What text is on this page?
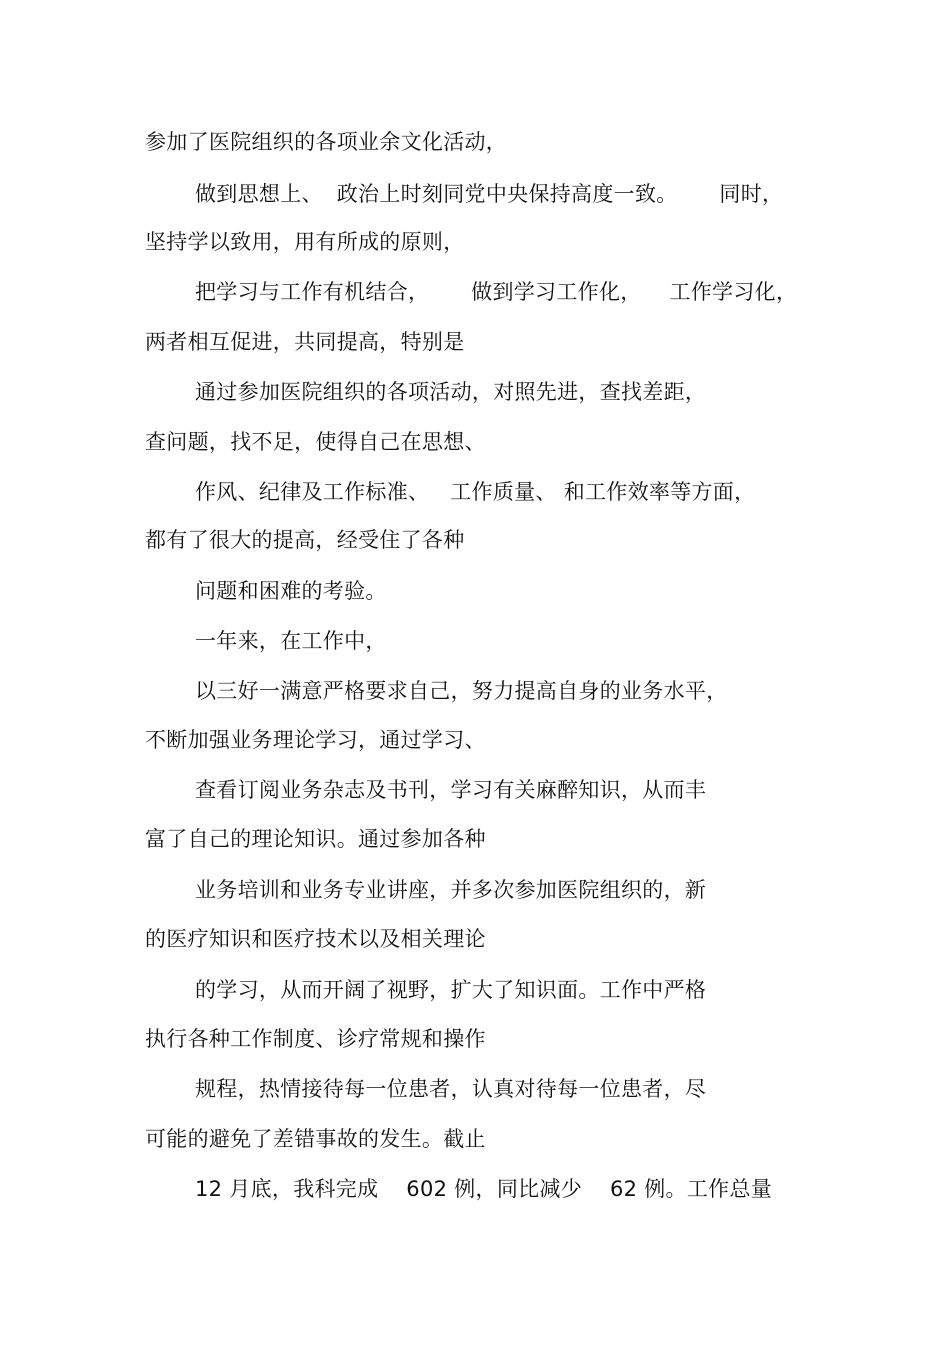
参加了医院组织的各项业余文化活动，
做到思想上、  政治上时刻同党中央保持高度一致。      同时，
坚持学以致用，用有所成的原则，
把学习与工作有机结合，      做到学习工作化，    工作学习化，
两者相互促进，共同提高，特别是
通过参加医院组织的各项活动，对照先进，查找差距，
查问题，找不足，使得自己在思想、
作风、纪律及工作标准、   工作质量、 和工作效率等方面，
都有了很大的提高，经受住了各种
问题和困难的考验。
一年来，在工作中，
以三好一满意严格要求自己，努力提高自身的业务水平，
不断加强业务理论学习，通过学习、
查看订阅业务杂志及书刊，学习有关麻醉知识，从而丰
富了自己的理论知识。通过参加各种
业务培训和业务专业讲座，并多次参加医院组织的，新
的医疗知识和医疗技术以及相关理论
的学习，从而开阔了视野，扩大了知识面。工作中严格
执行各种工作制度、诊疗常规和操作
规程，热情接待每一位患者，认真对待每一位患者，尽
可能的避免了差错事故的发生。截止
12 月底，我科完成    602 例，同比减少    62 例。工作总量
